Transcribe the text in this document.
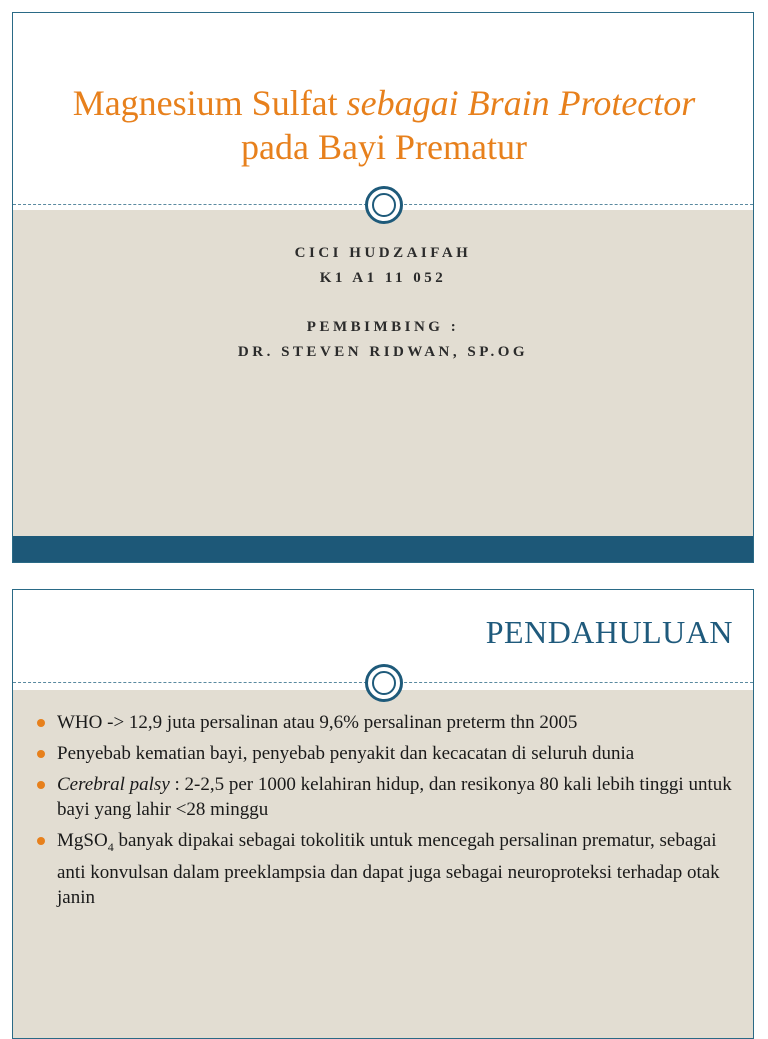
Magnesium Sulfat sebagai Brain Protector pada Bayi Prematur
CICI HUDZAIFAH
K1 A1 11 052
PEMBIMBING :
DR. STEVEN RIDWAN, SP.OG
PENDAHULUAN
WHO -> 12,9 juta persalinan atau 9,6% persalinan preterm thn 2005
Penyebab kematian bayi, penyebab penyakit dan kecacatan di seluruh dunia
Cerebral palsy : 2-2,5 per 1000 kelahiran hidup, dan resikonya 80 kali lebih tinggi untuk bayi yang lahir <28 minggu
MgSO$_4$ banyak dipakai sebagai tokolitik untuk mencegah persalinan prematur, sebagai anti konvulsan dalam preeklampsia dan dapat juga sebagai neuroproteksi terhadap otak janin
